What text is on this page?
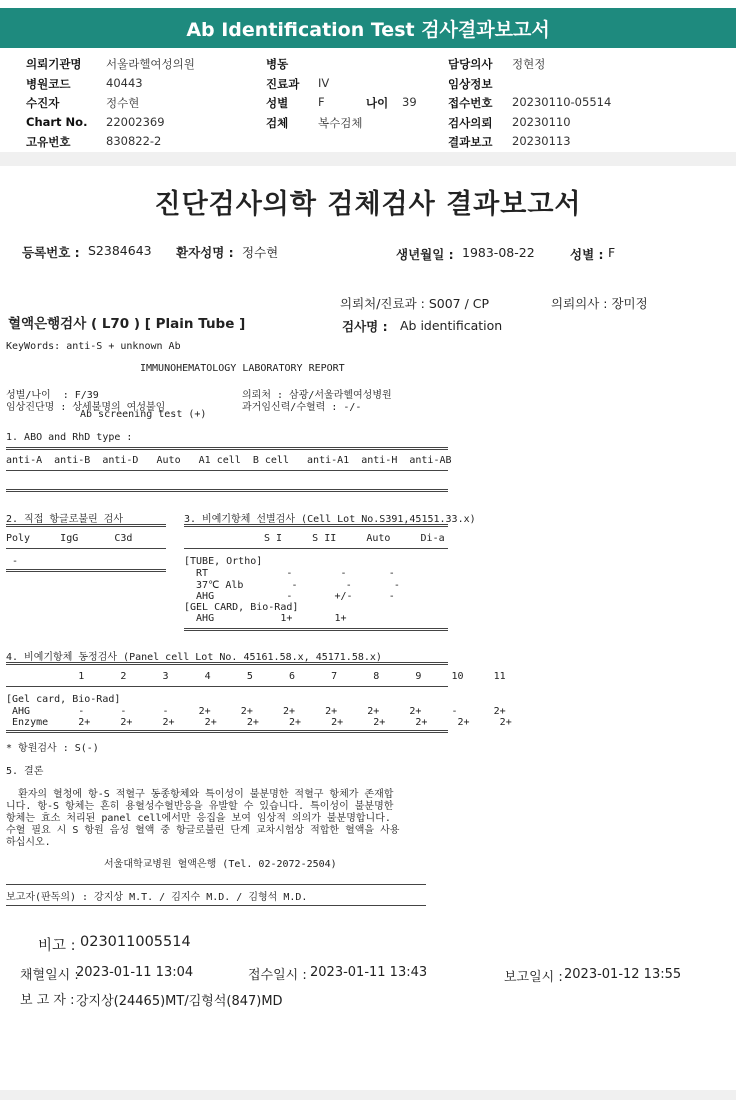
Ab Identification Test 검사결과보고서
의뢰기관명 서울라헬여성의원
병원코드	40443
수진자	정수현
Chart No. 22002369
고유번호	830822-2
병동
진료과 IV
성별	F	나이 39
검체	복수검체
담당의사 정현정
임상정보
접수번호 20230110-05514
검사의뢰 20230110
결과보고 20230113
진단검사의학 검체검사 결과보고서
등록번호 : S2384643 환자성명 : 정수현	생년월일 : 1983-08-22	성별 : F
의뢰처/진료과 : S007 / CP	의뢰의사 : 장미정
혈액은행검사 ( L70 ) [ Plain Tube ]	검사명 : Ab identification
KeyWords: anti-S + unknown Ab
IMMUNOHEMATOLOGY LABORATORY REPORT
성별/나이  : F/39	의뢰처 : 삼광/서울라헬여성병원
임상진단명 : 상세불명의 여성불임	과거임신력/수혈력 : -/-
Ab screening test (+)
1. ABO and RhD type :
anti-A  anti-B  anti-D   Auto   A1 cell  B cell   anti-A1  anti-H  anti-AB
2. 직접 항글로불린 검사
Poly     IgG      C3d
-
3. 비예기항체 선별검사 (Cell Lot No.S391,45151.33.x)
S I     S II     Auto     Di-a
[TUBE, Ortho]
RT             -        -       -
37℃ Alb        -        -       -
AHG            -       +/-      -
[GEL CARD, Bio-Rad]
AHG           1+       1+
4. 비예기항체 동정검사 (Panel cell Lot No. 45161.58.x, 45171.58.x)
1      2      3      4      5      6      7      8      9     10     11
[Gel card, Bio-Rad]
AHG        -      -      -     2+     2+     2+     2+     2+     2+     -      2+
Enzyme     2+     2+     2+     2+     2+     2+     2+     2+     2+     2+     2+
* 항원검사 : S(-)
5. 결론
환자의 혈청에 항-S 적혈구 동종항체와 특이성이 불분명한 적혈구 항체가 존재합
니다. 항-S 항체는 흔히 용혈성수혈반응을 유발할 수 있습니다. 특이성이 불분명한
항체는 효소 처리된 panel cell에서만 응집을 보여 임상적 의의가 불분명합니다.
수혈 필요 시 S 항원 음성 혈액 중 항글로불린 단계 교차시험상 적합한 혈액을 사용
하십시오.
서울대학교병원 혈액은행 (Tel. 02-2072-2504)
보고자(판독의) : 강지상 M.T. / 김지수 M.D. / 김형석 M.D.
비고 : 023011005514
채혈일시 :
2023-01-11 13:04	접수일시 : 2023-01-11 13:43	보고일시 : 2023-01-12 13:55
보 고 자 : 강지상(24465)MT/김형석(847)MD
